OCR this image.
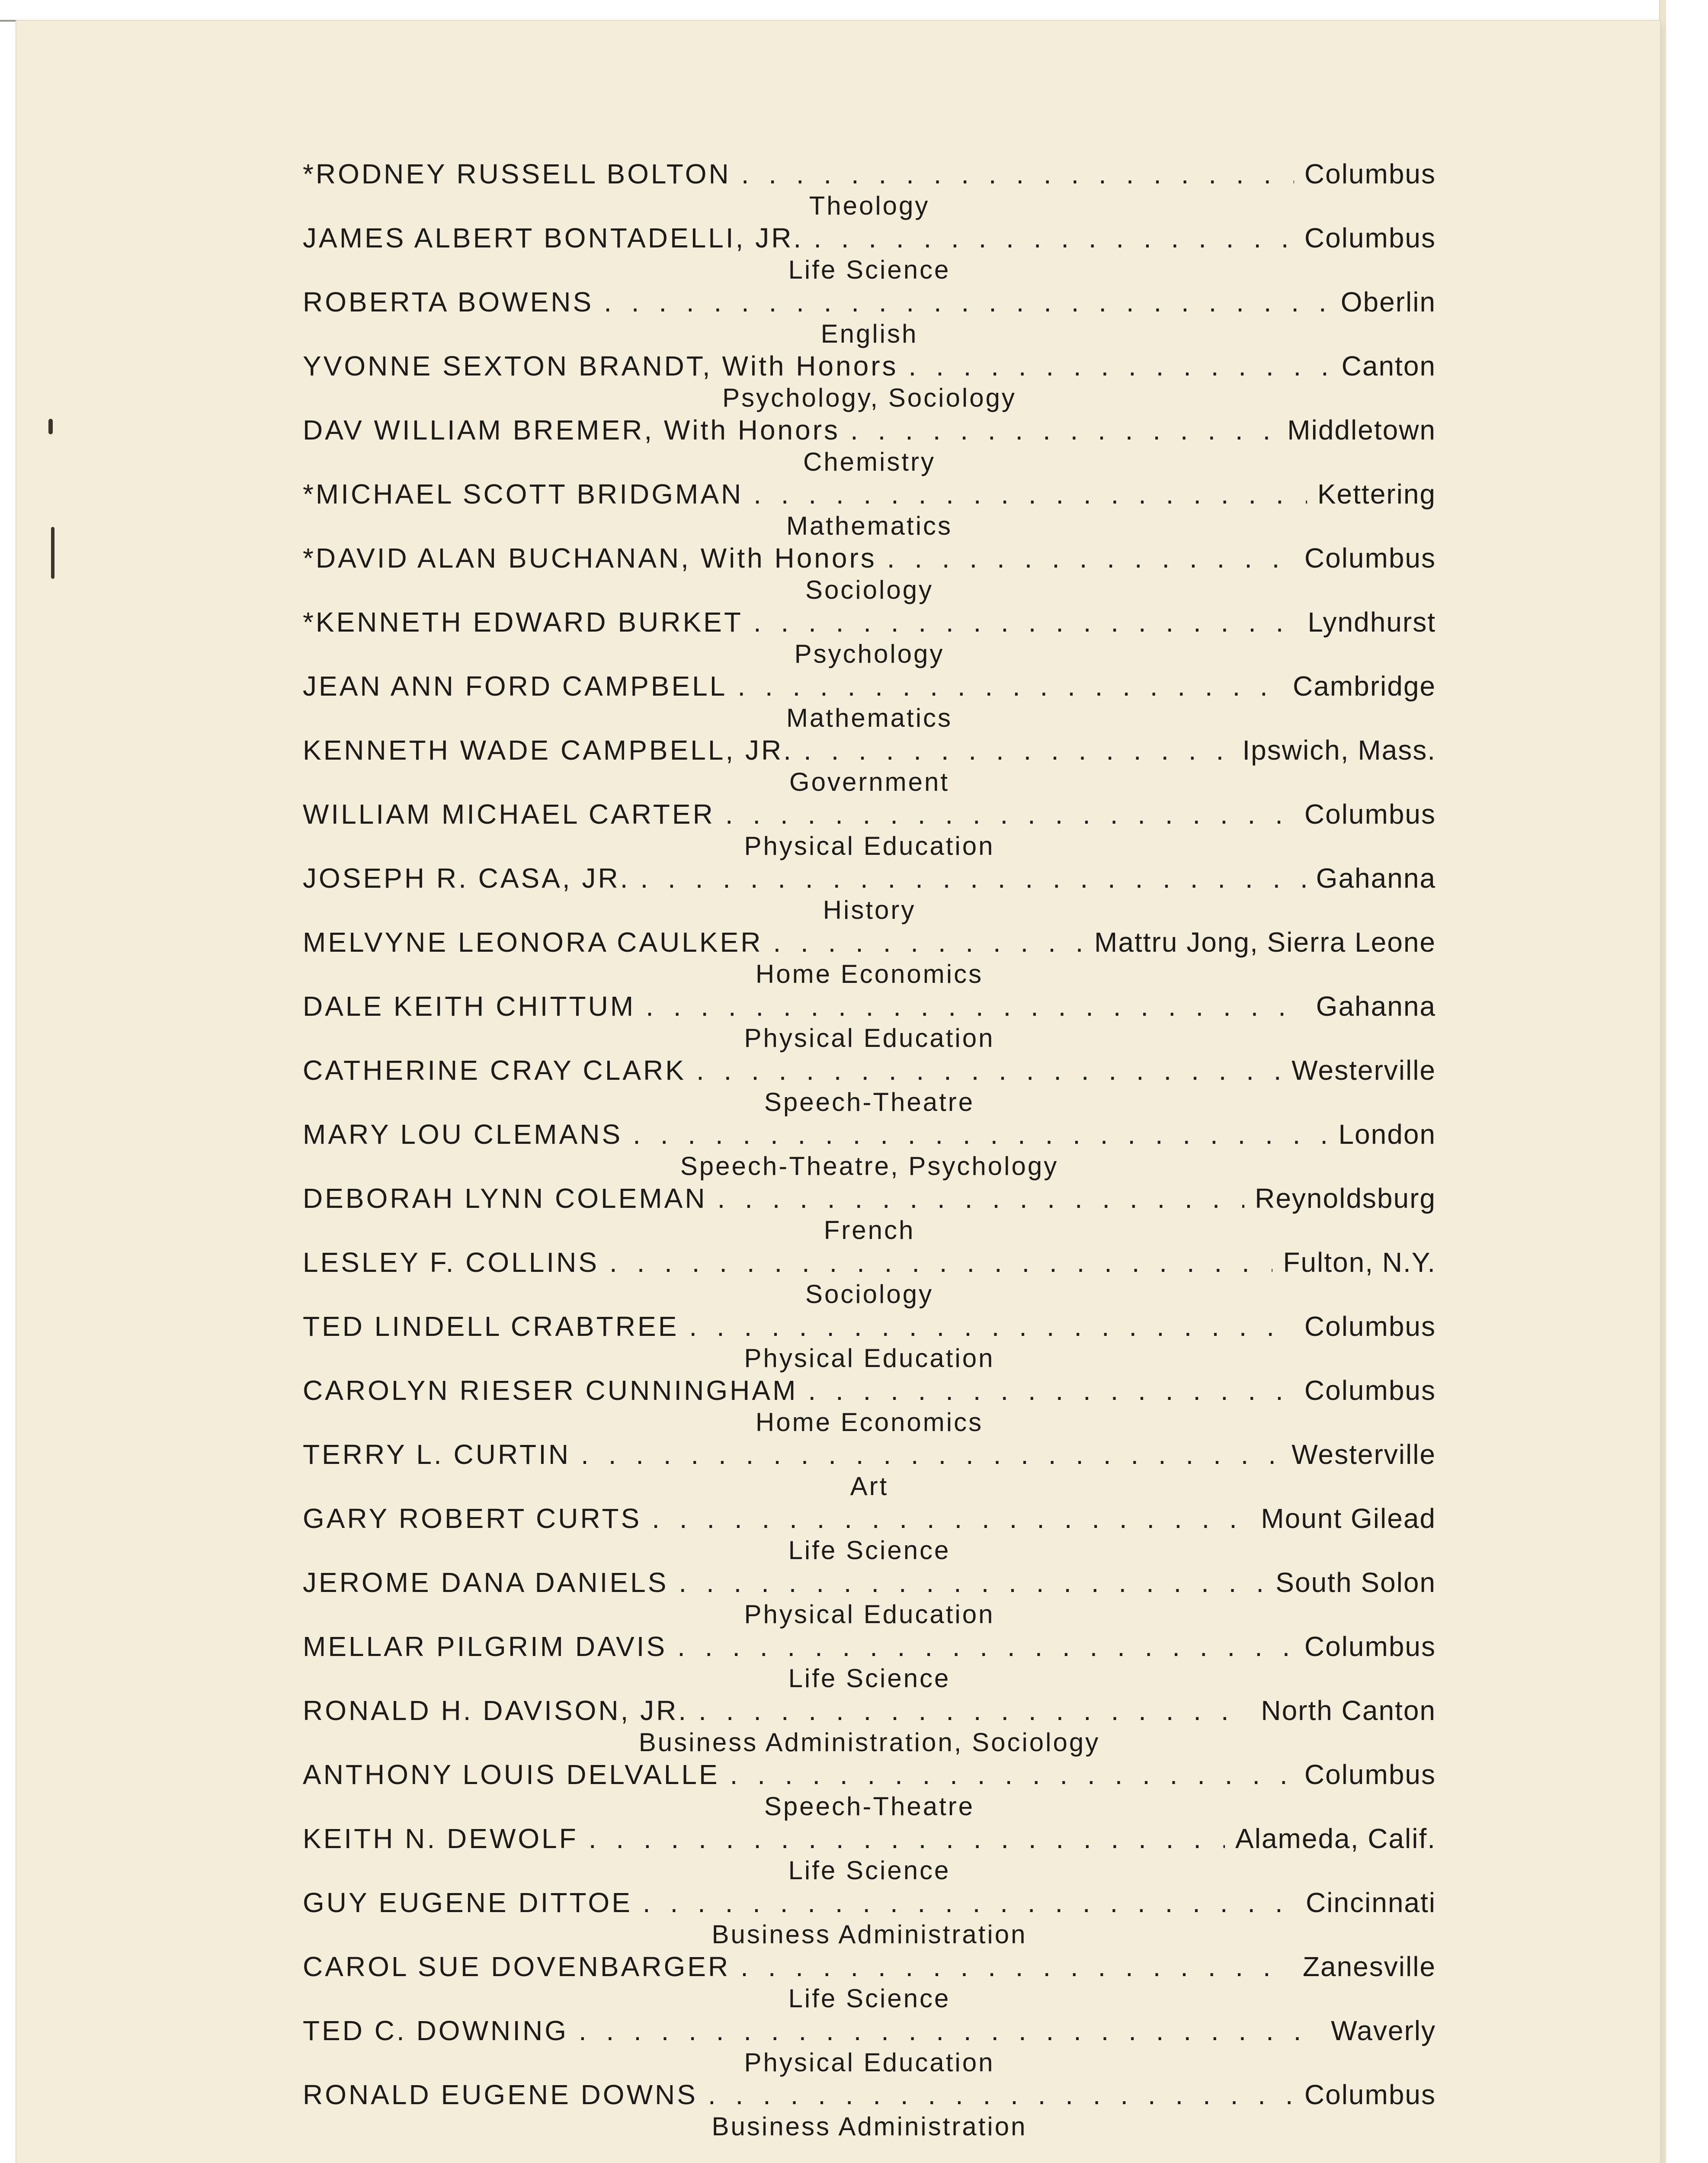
*RODNEY RUSSELL BOLTON . . .	Columbus
Theology
JAMES ALBERT BONTADELLI, JR. . . .	Columbus
Life Science
ROBERTA BOWENS . . .	Oberlin
English
YVONNE SEXTON BRANDT, With Honors . . .	Canton
Psychology, Sociology
DAV WILLIAM BREMER, With Honors . . .	Middletown
Chemistry
*MICHAEL SCOTT BRIDGMAN . . .	Kettering
Mathematics
*DAVID ALAN BUCHANAN, With Honors . . .	Columbus
Sociology
*KENNETH EDWARD BURKET . . .	Lyndhurst
Psychology
JEAN ANN FORD CAMPBELL . . .	Cambridge
Mathematics
KENNETH WADE CAMPBELL, JR. . . .	Ipswich, Mass.
Government
WILLIAM MICHAEL CARTER . . .	Columbus
Physical Education
JOSEPH R. CASA, JR. . . .	Gahanna
History
MELVYNE LEONORA CAULKER . . .	Mattru Jong, Sierra Leone
Home Economics
DALE KEITH CHITTUM . . .	Gahanna
Physical Education
CATHERINE CRAY CLARK . . .	Westerville
Speech-Theatre
MARY LOU CLEMANS . . .	London
Speech-Theatre, Psychology
DEBORAH LYNN COLEMAN . . .	Reynoldsburg
French
LESLEY F. COLLINS . . .	Fulton, N.Y.
Sociology
TED LINDELL CRABTREE . . .	Columbus
Physical Education
CAROLYN RIESER CUNNINGHAM . . .	Columbus
Home Economics
TERRY L. CURTIN . . .	Westerville
Art
GARY ROBERT CURTS . . .	Mount Gilead
Life Science
JEROME DANA DANIELS . . .	South Solon
Physical Education
MELLAR PILGRIM DAVIS . . .	Columbus
Life Science
RONALD H. DAVISON, JR. . . .	North Canton
Business Administration, Sociology
ANTHONY LOUIS DELVALLE . . .	Columbus
Speech-Theatre
KEITH N. DEWOLF . . .	Alameda, Calif.
Life Science
GUY EUGENE DITTOE . . .	Cincinnati
Business Administration
CAROL SUE DOVENBARGER . . .	Zanesville
Life Science
TED C. DOWNING . . .	Waverly
Physical Education
RONALD EUGENE DOWNS . . .	Columbus
Business Administration
